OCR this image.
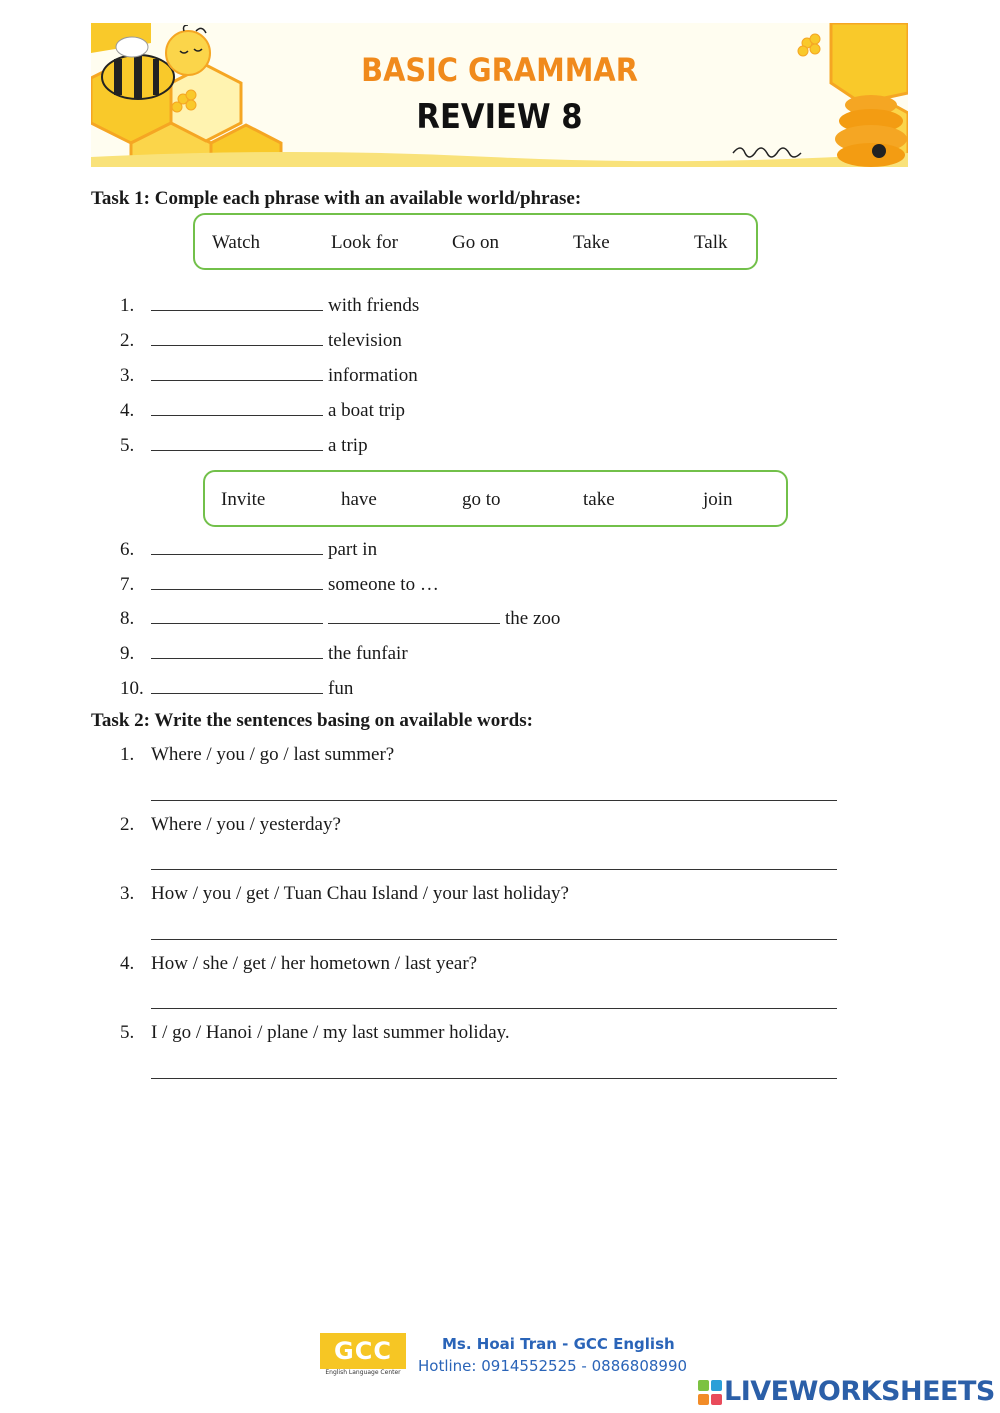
BASIC GRAMMAR
REVIEW 8
Task 1: Comple each phrase with an available world/phrase:
Watch	Look for	Go on	Take	Talk
1.	with friends
2.	television
3.	information
4.	a boat trip
5.	a trip
Invite	have	go to	take	join
6.	part in
7.	someone to …
8.	the zoo
9.	the funfair
10.	fun
Task 2: Write the sentences basing on available words:
1. Where / you / go / last summer?
2. Where / you / yesterday?
3. How / you / get / Tuan Chau Island / your last holiday?
4. How / she / get / her hometown / last year?
5. I / go / Hanoi / plane / my last summer holiday.
GCC
English Language Center
Ms. Hoai Tran - GCC English
Hotline: 0914552525 - 0886808990
LIVEWORKSHEETS
